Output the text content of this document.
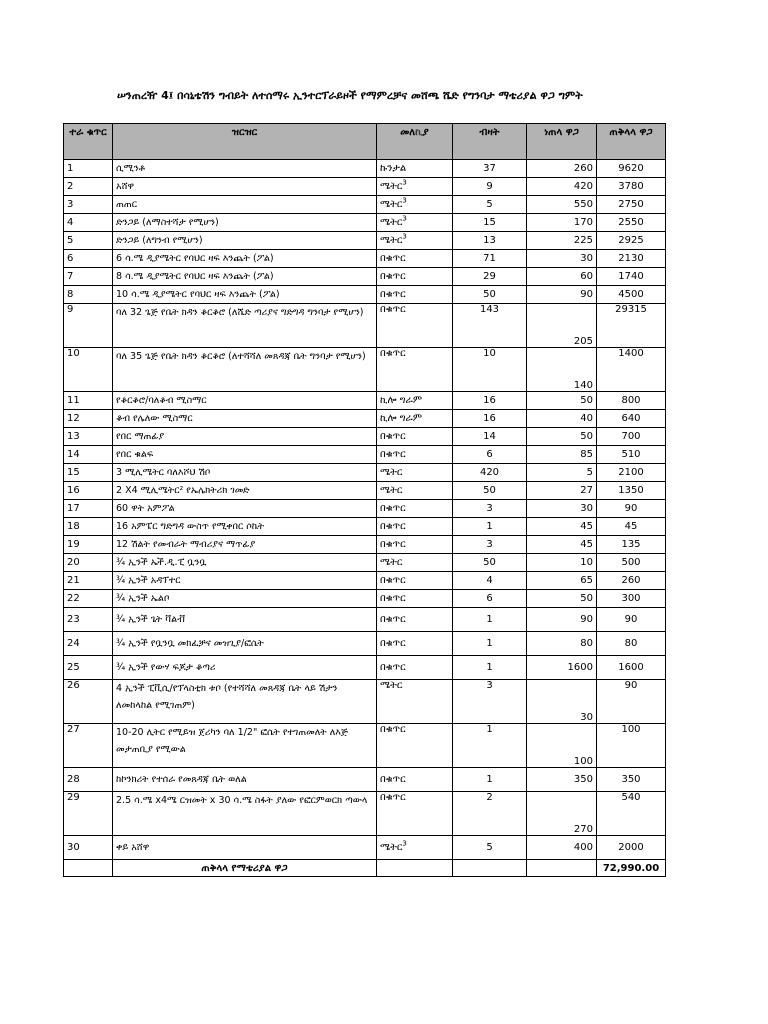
ሠንጠረዥ 4፤ በሳኒቴሽን ግብይት ለተሰማሩ ኢንተርፕራይዞች የማምረቻና መሸጫ ሼድ የግንባታ ማቴሪያል ዋጋ ግምት
ተራ ቁጥር	ዝርዝር	መለኪያ	ብዛት	ነጠላ ዋጋ	ጠቅላላ ዋጋ
1	ሲሚንቶ	ኩንታል	37	260	9620
2	አሸዋ	ሜትር$^3$	9	420	3780
3	ጠጠር	ሜትር$^3$	5	550	2750
4	ድንጋይ (ለማስተሻታ የሚሆን)	ሜትር$^3$	15	170	2550
5	ድንጋይ (ለግንብ የሚሆን)	ሜትር$^3$	13	225	2925
6	6 ሳ.ሜ ዲያሜትር የባህር ዛፍ እንጨት (ፖል)	በቁጥር	71	30	2130
7	8 ሳ.ሜ ዲያሜትር የባህር ዛፍ እንጨት (ፖል)	በቁጥር	29	60	1740
8	10 ሳ.ሜ ዲያሜትር የባህር ዛፍ እንጨት (ፖል)	በቁጥር	50	90	4500
9	ባለ 32 ጌጅ የቤት ክዳን ቆርቆሮ (ለሼድ ጣሪያና ግድግዳ ግንባታ የሚሆን)	በቁጥር	143	205	29315
10	ባለ 35 ጌጅ የቤት ክዳን ቆርቆሮ (ለተሻሻለ መጸዳጃ ቤት ግንባታ የሚሆን)	በቁጥር	10	140	1400
11	የቆርቆሮ/ባለቆብ ሚስማር	ኪሎ ግራም	16	50	800
12	ቆብ የሌለው ሚስማር	ኪሎ ግራም	16	40	640
13	የበር ማጠፊያ	በቁጥር	14	50	700
14	የበር ቁልፍ	በቁጥር	6	85	510
15	3 ሚሊሜትር ባለእሾህ ሽቦ	ሜትር	420	5	2100
16	2 X4 ሚሊሜትር² የኤሌክትሪክ ገመድ	ሜትር	50	27	1350
17	60 ዋት አምፖል	በቁጥር	3	30	90
18	16 አምፔር ግድግዳ ውስጥ የሚቀበር ሶኬት	በቁጥር	1	45	45
19	12 ሽልት የመብራት ማብሪያና ማጥፊያ	በቁጥር	3	45	135
20	¾ ኢንች ኤች.ዲ.ፒ ቧንቧ	ሜትር	50	10	500
21	¾ ኢንች አዳፕተር	በቁጥር	4	65	260
22	¾ ኢንች ኤልቦ	በቁጥር	6	50	300
23	¾ ኢንች ጌት ቫልቭ	በቁጥር	1	90	90
24	¾ ኢንች የቧንቧ መክፈቻና መዝጊያ/ፎሴት	በቁጥር	1	80	80
25	¾ ኢንች የውሃ ፍጆታ ቆጣሪ	በቁጥር	1	1600	1600
26	4 ኢንች ፒቪሲ/የፕላስቲክ ቱቦ (የተሻሻለ መጸዳጃ ቤት ላይ ሽታን ለመከላከል የሚገጠም)	ሜትር	3	30	90
27	10-20 ሊትር የሚይዝ ጀሪካን ባለ 1/2" ፎሴት የተገጠመለት ለእጅ መታጠቢያ የሚውል	በቁጥር	1	100	100
28	ከኮንክሪት የተሰራ የመጸዳጃ ቤት ወለል	በቁጥር	1	350	350
29	2.5 ሳ.ሜ x4ሜ ርዝመት x 30 ሳ.ሜ ስፋት ያለው የፎርምወርክ ጣውላ	በቁጥር	2	270	540
30	ቀይ አሸዋ	ሜትር$^3$	5	400	2000
	ጠቅላላ የማቴሪያል ዋጋ				72,990.00
